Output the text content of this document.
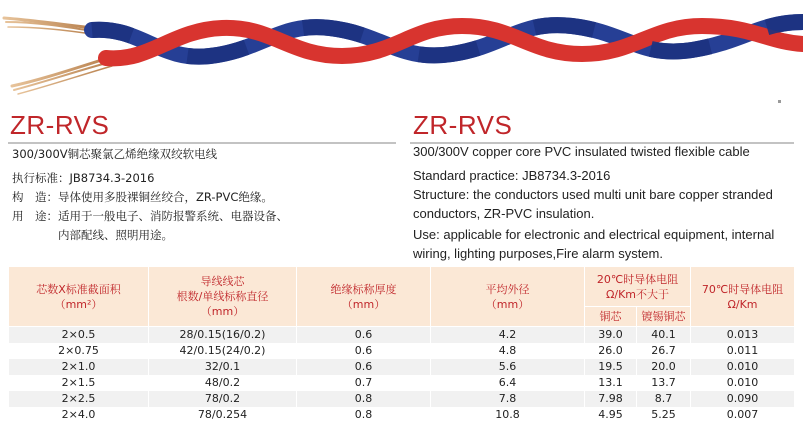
ZR-RVS
300/300V铜芯聚氯乙烯绝缘双绞软电线
执行标准：JB8734.3-2016
构　造：导体使用多股裸铜丝绞合，ZR-PVC绝缘。
用　途：适用于一般电子、消防报警系统、电器设备、
　　　　内部配线、照明用途。
ZR-RVS
300/300V copper core PVC insulated twisted flexible cable
Standard practice: JB8734.3-2016
Structure: the conductors used multi unit bare copper stranded
conductors, ZR-PVC insulation.
Use: applicable for electronic and electrical equipment, internal
wiring, lighting purposes,Fire alarm system.
芯数X标准截面积
（mm²）	导线线芯
根数/单线标称直径
（mm）	绝缘标称厚度
（mm）	平均外径
（mm）	20℃时导体电阻
Ω/Km不大于		70℃时导体电阻
Ω/Km
				铜芯	镀锡铜芯	
2×0.5	28/0.15(16/0.2)	0.6	4.2	39.0	40.1	0.013
2×0.75	42/0.15(24/0.2)	0.6	4.8	26.0	26.7	0.011
2×1.0	32/0.1	0.6	5.6	19.5	20.0	0.010
2×1.5	48/0.2	0.7	6.4	13.1	13.7	0.010
2×2.5	78/0.2	0.8	7.8	7.98	8.7	0.090
2×4.0	78/0.254	0.8	10.8	4.95	5.25	0.007
